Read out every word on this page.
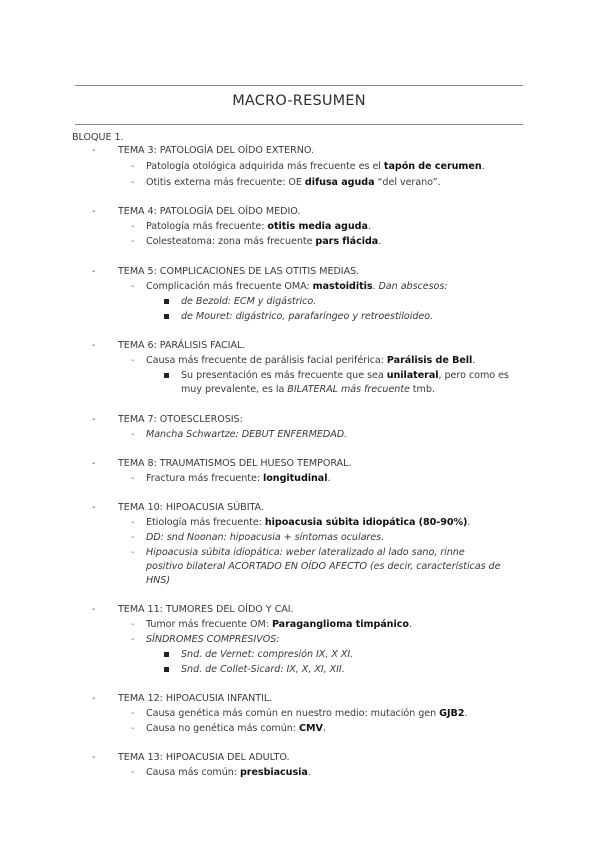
MACRO-RESUMEN
BLOQUE 1.
- TEMA 3: PATOLOGÍA DEL OÍDO EXTERNO.
- Patología otológica adquirida más frecuente es el tapón de cerumen.
- Otitis externa más frecuente: OE difusa aguda “del verano”.
- TEMA 4: PATOLOGÍA DEL OÍDO MEDIO.
- Patología más frecuente: otitis media aguda.
- Colesteatoma: zona más frecuente pars flácida.
- TEMA 5: COMPLICACIONES DE LAS OTITIS MEDIAS.
- Complicación más frecuente OMA: mastoiditis. Dan abscesos:
de Bezold: ECM y digástrico.
de Mouret: digástrico, parafaríngeo y retroestiloideo.
- TEMA 6: PARÁLISIS FACIAL.
- Causa más frecuente de parálisis facial periférica: Parálisis de Bell.
Su presentación es más frecuente que sea unilateral, pero como es
muy prevalente, es la BILATERAL más frecuente tmb.
- TEMA 7: OTOESCLEROSIS:
- Mancha Schwartze: DEBUT ENFERMEDAD.
- TEMA 8: TRAUMATISMOS DEL HUESO TEMPORAL.
- Fractura más frecuente: longitudinal.
- TEMA 10: HIPOACUSIA SÚBITA.
- Etiología más frecuente: hipoacusia súbita idiopática (80-90%).
- DD: snd Noonan: hipoacusia + síntomas oculares.
- Hipoacusia súbita idiopática: weber lateralizado al lado sano, rinne
positivo bilateral ACORTADO EN OÍDO AFECTO (es decir, características de
HNS)
- TEMA 11: TUMORES DEL OÍDO Y CAI.
- Tumor más frecuente OM: Paraganglioma timpánico.
- SÍNDROMES COMPRESIVOS:
Snd. de Vernet: compresión IX, X XI.
Snd. de Collet-Sicard: IX, X, XI, XII.
- TEMA 12: HIPOACUSIA INFANTIL.
- Causa genética más común en nuestro medio: mutación gen GJB2.
- Causa no genética más común: CMV.
- TEMA 13: HIPOACUSIA DEL ADULTO.
- Causa más común: presbiacusia.
